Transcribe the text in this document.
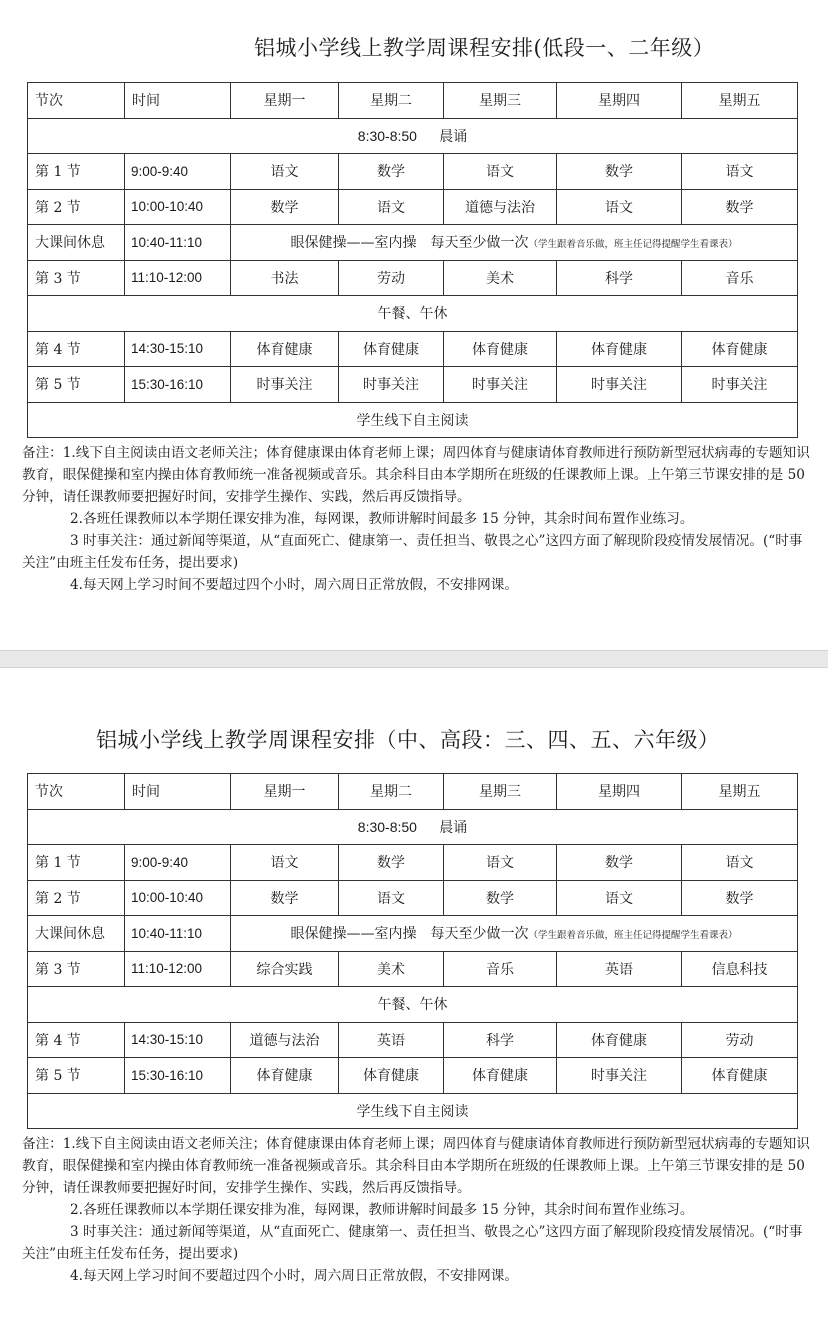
铝城小学线上教学周课程安排(低段一、二年级）
节次	时间	星期一	星期二	星期三	星期四	星期五
8:30-8:50 晨诵						
第 1 节	9:00-9:40	语文	数学	语文	数学	语文
第 2 节	10:00-10:40	数学	语文	道德与法治	语文	数学
大课间休息	10:40-11:10	眼保健操——室内操　每天至少做一次（学生跟着音乐做，班主任记得提醒学生看课表）				
第 3 节	11:10-12:00	书法	劳动	美术	科学	音乐
午餐、午休						
第 4 节	14:30-15:10	体育健康	体育健康	体育健康	体育健康	体育健康
第 5 节	15:30-16:10	时事关注	时事关注	时事关注	时事关注	时事关注
学生线下自主阅读						

备注：1.线下自主阅读由语文老师关注；体育健康课由体育老师上课；周四体育与健康请体育教师进行预防新型冠状病毒的专题知识教育，眼保健操和室内操由体育教师统一准备视频或音乐。其余科目由本学期所在班级的任课教师上课。上午第三节课安排的是 50 分钟，请任课教师要把握好时间，安排学生操作、实践，然后再反馈指导。

2.各班任课教师以本学期任课安排为准，每网课，教师讲解时间最多 15 分钟，其余时间布置作业练习。

3 时事关注：通过新闻等渠道，从“直面死亡、健康第一、责任担当、敬畏之心”这四方面了解现阶段疫情发展情况。(“时事关注”由班主任发布任务，提出要求)

4.每天网上学习时间不要超过四个小时，周六周日正常放假，不安排网课。

铝城小学线上教学周课程安排（中、高段：三、四、五、六年级）
节次	时间	星期一	星期二	星期三	星期四	星期五
8:30-8:50 晨诵						
第 1 节	9:00-9:40	语文	数学	语文	数学	语文
第 2 节	10:00-10:40	数学	语文	数学	语文	数学
大课间休息	10:40-11:10	眼保健操——室内操　每天至少做一次（学生跟着音乐做，班主任记得提醒学生看课表）				
第 3 节	11:10-12:00	综合实践	美术	音乐	英语	信息科技
午餐、午休						
第 4 节	14:30-15:10	道德与法治	英语	科学	体育健康	劳动
第 5 节	15:30-16:10	体育健康	体育健康	体育健康	时事关注	体育健康
学生线下自主阅读						

备注：1.线下自主阅读由语文老师关注；体育健康课由体育老师上课；周四体育与健康请体育教师进行预防新型冠状病毒的专题知识教育，眼保健操和室内操由体育教师统一准备视频或音乐。其余科目由本学期所在班级的任课教师上课。上午第三节课安排的是 50 分钟，请任课教师要把握好时间，安排学生操作、实践，然后再反馈指导。

2.各班任课教师以本学期任课安排为准，每网课，教师讲解时间最多 15 分钟，其余时间布置作业练习。

3 时事关注：通过新闻等渠道，从“直面死亡、健康第一、责任担当、敬畏之心”这四方面了解现阶段疫情发展情况。(“时事关注”由班主任发布任务，提出要求)

4.每天网上学习时间不要超过四个小时，周六周日正常放假，不安排网课。
